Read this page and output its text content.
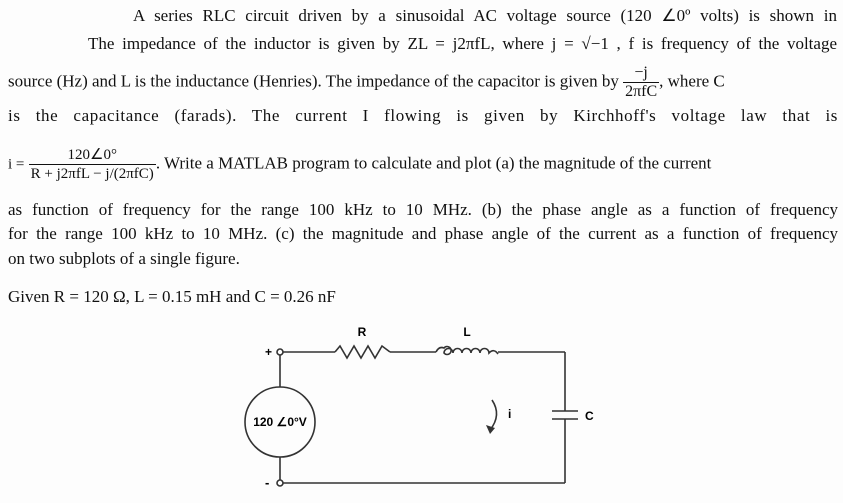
A series RLC circuit driven by a sinusoidal AC voltage source (120 ∠0º volts) is shown in
The impedance of the inductor is given by ZL = j2πfL, where j = √−1 , f is frequency of the voltage
source (Hz) and L is the inductance (Henries). The impedance of the capacitor is given by $\frac{-j}{\text{2πfC}}$ , where C
is the capacitance (farads). The current I flowing is given by Kirchhoff's voltage law that is
$i = \frac{120\angle 0^\circ}{\text{R + j2πfL − j/(2πfC)}}$ . Write a MATLAB program to calculate and plot (a) the magnitude of the current
as function of frequency for the range 100 kHz to 10 MHz. (b) the phase angle as a function of frequency
for the range 100 kHz to 10 MHz. (c) the magnitude and phase angle of the current as a function of frequency
on two subplots of a single figure.
Given R = 120 Ω, L = 0.15 mH and C = 0.26 nF
R	L
C
120 ∠0°V
i
+
-
